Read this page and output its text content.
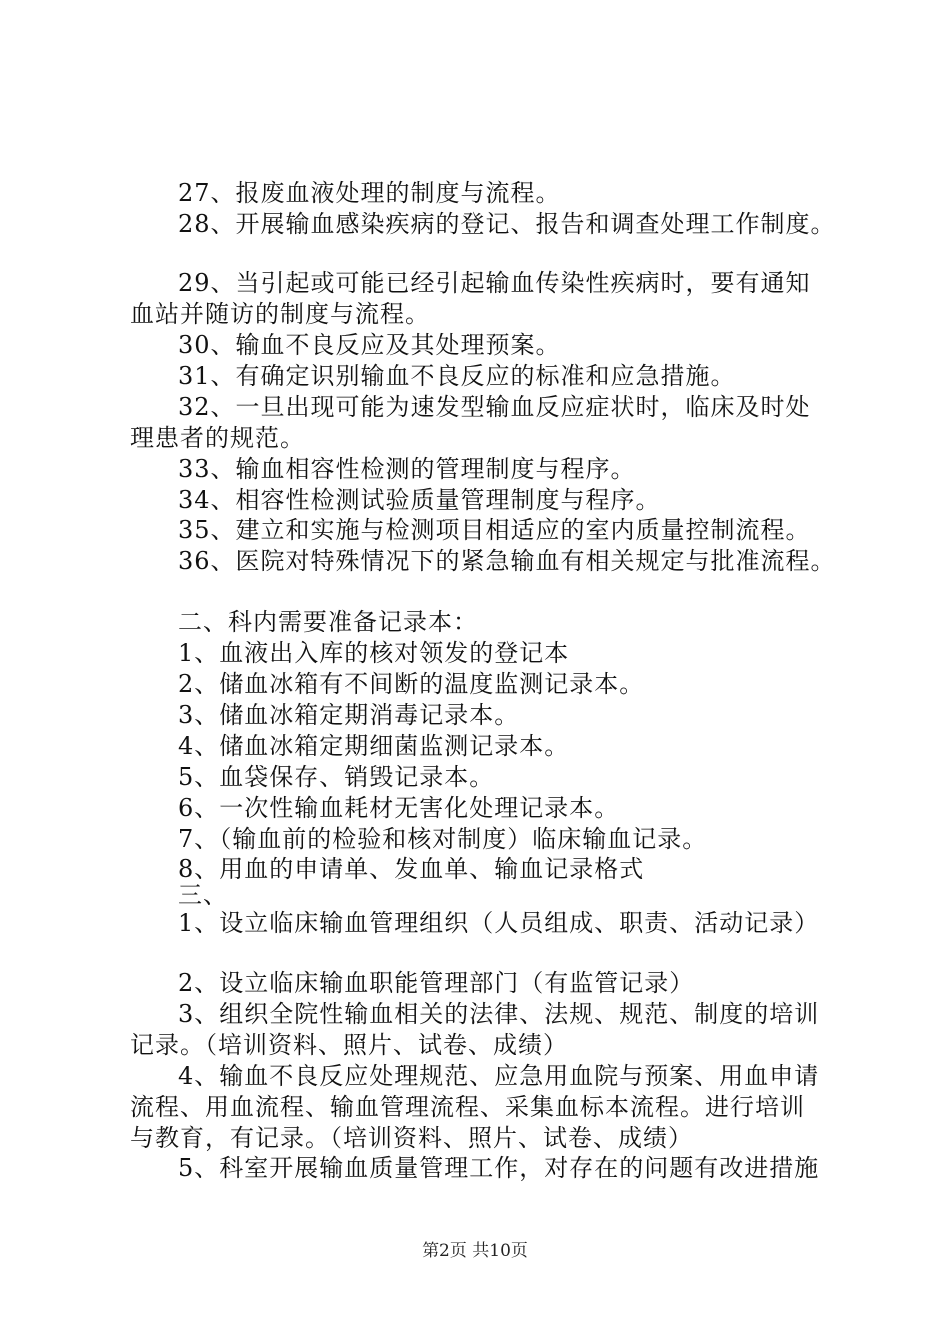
27、报废血液处理的制度与流程。
28、开展输血感染疾病的登记、报告和调查处理工作制度。
29、当引起或可能已经引起输血传染性疾病时，要有通知
血站并随访的制度与流程。
30、输血不良反应及其处理预案。
31、有确定识别输血不良反应的标准和应急措施。
32、一旦出现可能为速发型输血反应症状时，临床及时处
理患者的规范。
33、输血相容性检测的管理制度与程序。
34、相容性检测试验质量管理制度与程序。
35、建立和实施与检测项目相适应的室内质量控制流程。
36、医院对特殊情况下的紧急输血有相关规定与批准流程。
二、科内需要准备记录本：
1、血液出入库的核对领发的登记本
2、储血冰箱有不间断的温度监测记录本。
3、储血冰箱定期消毒记录本。
4、储血冰箱定期细菌监测记录本。
5、血袋保存、销毁记录本。
6、一次性输血耗材无害化处理记录本。
7、（输血前的检验和核对制度）临床输血记录。
8、用血的申请单、发血单、输血记录格式
三、
1、设立临床输血管理组织（人员组成、职责、活动记录）
2、设立临床输血职能管理部门（有监管记录）
3、组织全院性输血相关的法律、法规、规范、制度的培训
记录。（培训资料、照片、试卷、成绩）
4、输血不良反应处理规范、应急用血院与预案、用血申请
流程、用血流程、输血管理流程、采集血标本流程。进行培训
与教育，有记录。（培训资料、照片、试卷、成绩）
5、科室开展输血质量管理工作，对存在的问题有改进措施
第2页 共10页
